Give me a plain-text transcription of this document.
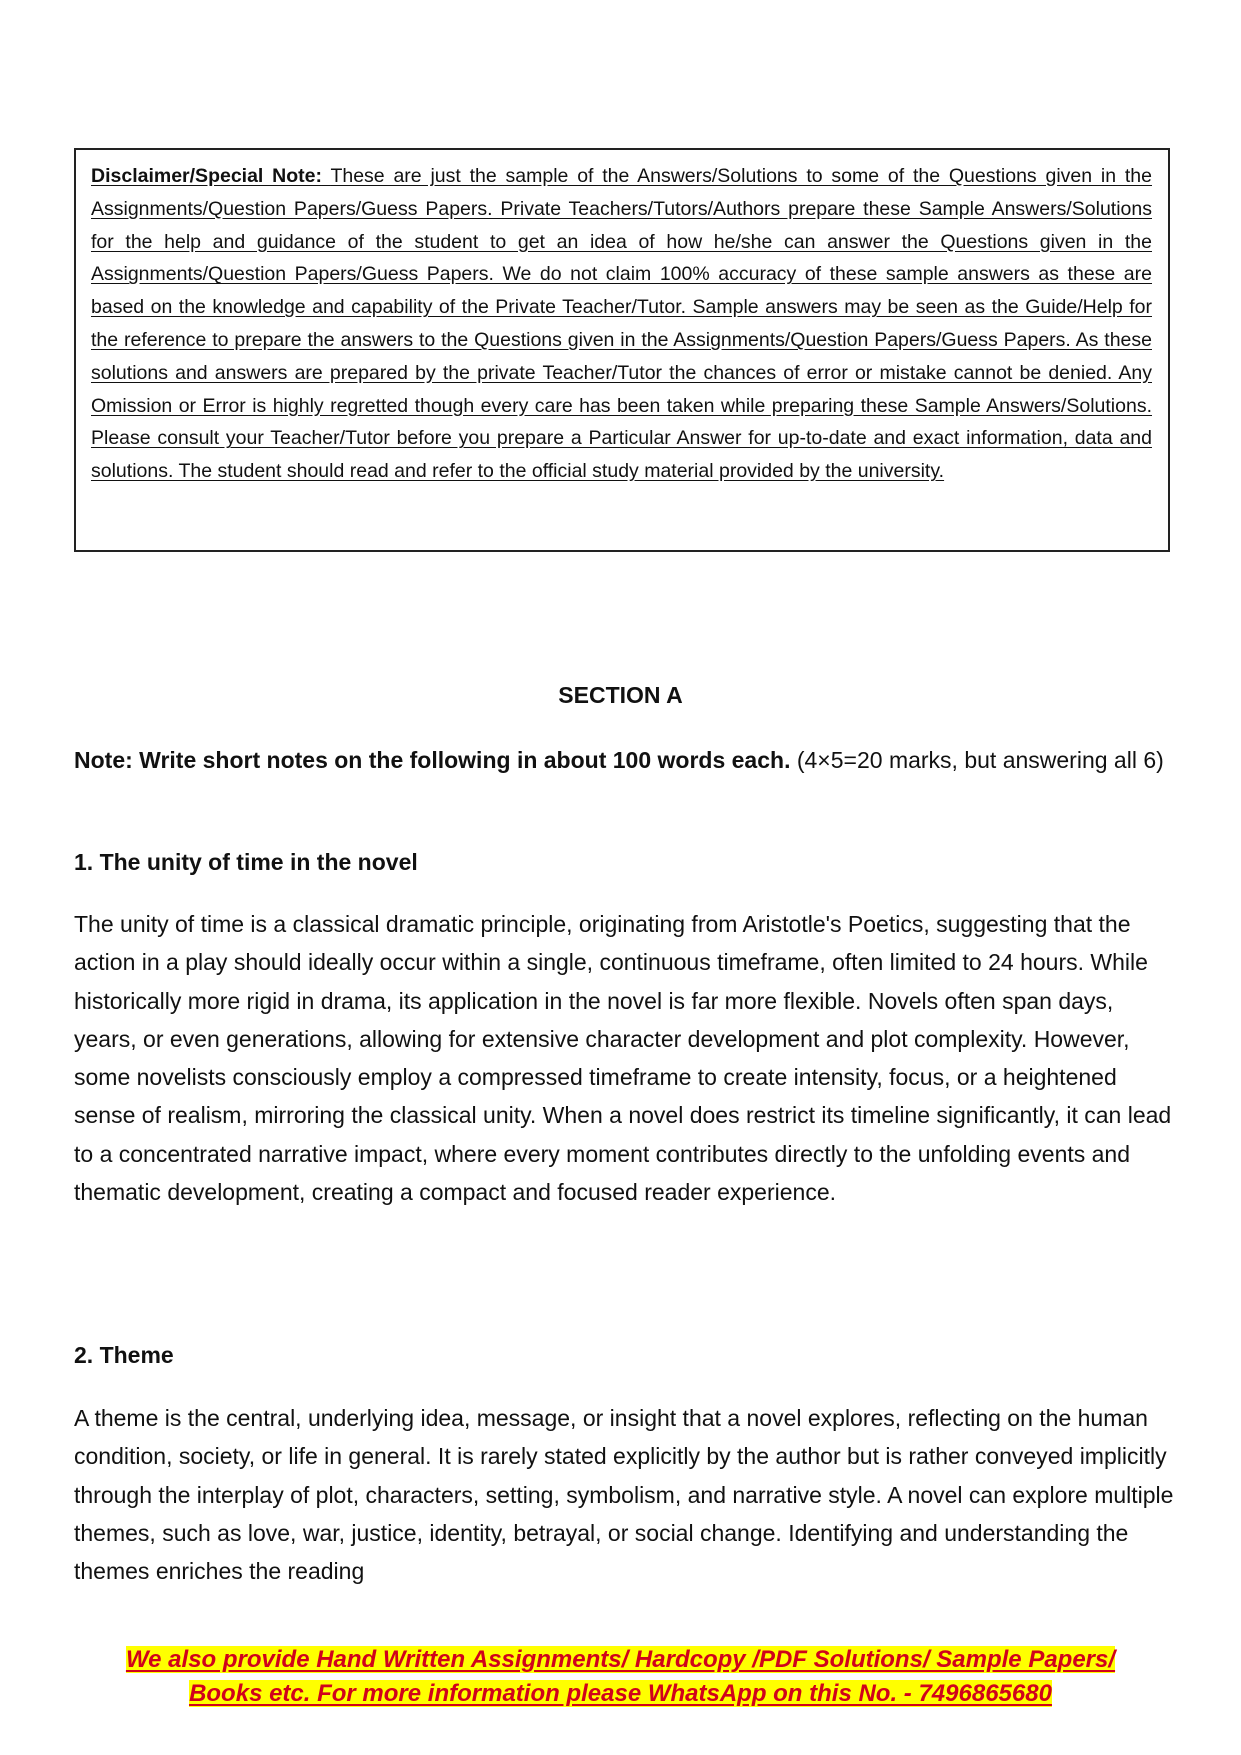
Disclaimer/Special Note: These are just the sample of the Answers/Solutions to some of the Questions given in the Assignments/Question Papers/Guess Papers. Private Teachers/Tutors/Authors prepare these Sample Answers/Solutions for the help and guidance of the student to get an idea of how he/she can answer the Questions given in the Assignments/Question Papers/Guess Papers. We do not claim 100% accuracy of these sample answers as these are based on the knowledge and capability of the Private Teacher/Tutor. Sample answers may be seen as the Guide/Help for the reference to prepare the answers to the Questions given in the Assignments/Question Papers/Guess Papers. As these solutions and answers are prepared by the private Teacher/Tutor the chances of error or mistake cannot be denied. Any Omission or Error is highly regretted though every care has been taken while preparing these Sample Answers/Solutions. Please consult your Teacher/Tutor before you prepare a Particular Answer for up-to-date and exact information, data and solutions. The student should read and refer to the official study material provided by the university.
SECTION A
Note: Write short notes on the following in about 100 words each. (4×5=20 marks, but answering all 6)
1. The unity of time in the novel
The unity of time is a classical dramatic principle, originating from Aristotle's Poetics, suggesting that the action in a play should ideally occur within a single, continuous timeframe, often limited to 24 hours. While historically more rigid in drama, its application in the novel is far more flexible. Novels often span days, years, or even generations, allowing for extensive character development and plot complexity. However, some novelists consciously employ a compressed timeframe to create intensity, focus, or a heightened sense of realism, mirroring the classical unity. When a novel does restrict its timeline significantly, it can lead to a concentrated narrative impact, where every moment contributes directly to the unfolding events and thematic development, creating a compact and focused reader experience.
2. Theme
A theme is the central, underlying idea, message, or insight that a novel explores, reflecting on the human condition, society, or life in general. It is rarely stated explicitly by the author but is rather conveyed implicitly through the interplay of plot, characters, setting, symbolism, and narrative style. A novel can explore multiple themes, such as love, war, justice, identity, betrayal, or social change. Identifying and understanding the themes enriches the reading
We also provide Hand Written Assignments/ Hardcopy /PDF Solutions/ Sample Papers/
Books etc. For more information please WhatsApp on this No. - 7496865680
